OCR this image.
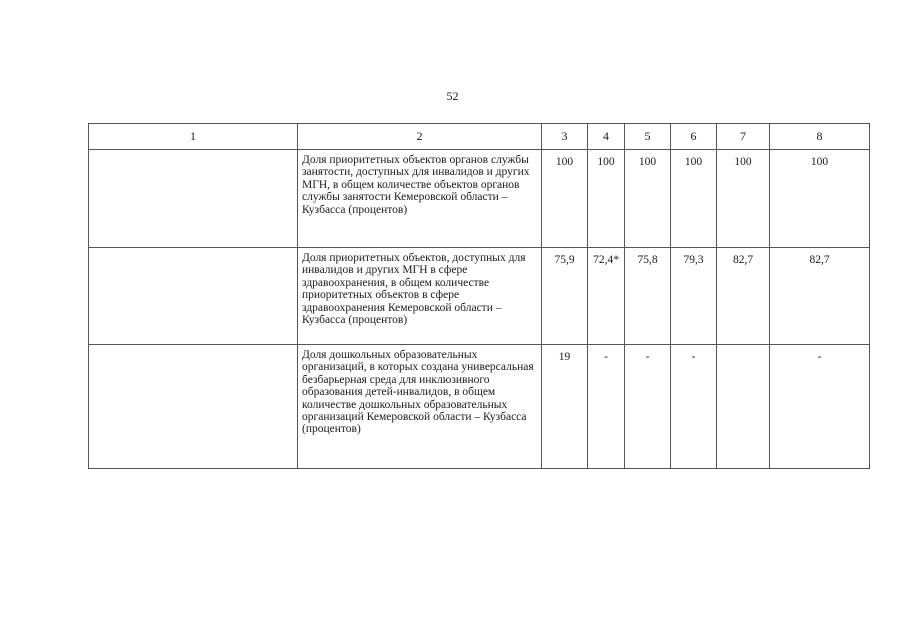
52
1	2	3	4	5	6	7	8
	Доля приоритетных объектов органов службы занятости, доступных для инвалидов и других МГН, в общем количестве объектов органов службы занятости Кемеровской области – Кузбасса (процентов)	100	100	100	100	100	100
	Доля приоритетных объектов, доступных для инвалидов и других МГН в сфере здравоохранения, в общем количестве приоритетных объектов в сфере здравоохранения Кемеровской области – Кузбасса (процентов)	75,9	72,4*	75,8	79,3	82,7	82,7
	Доля дошкольных образовательных организаций, в которых создана универсальная безбарьерная среда для инклюзивного образования детей-инвалидов, в общем количестве дошкольных образовательных организаций Кемеровской области – Кузбасса (процентов)	19	-	-	-		-
